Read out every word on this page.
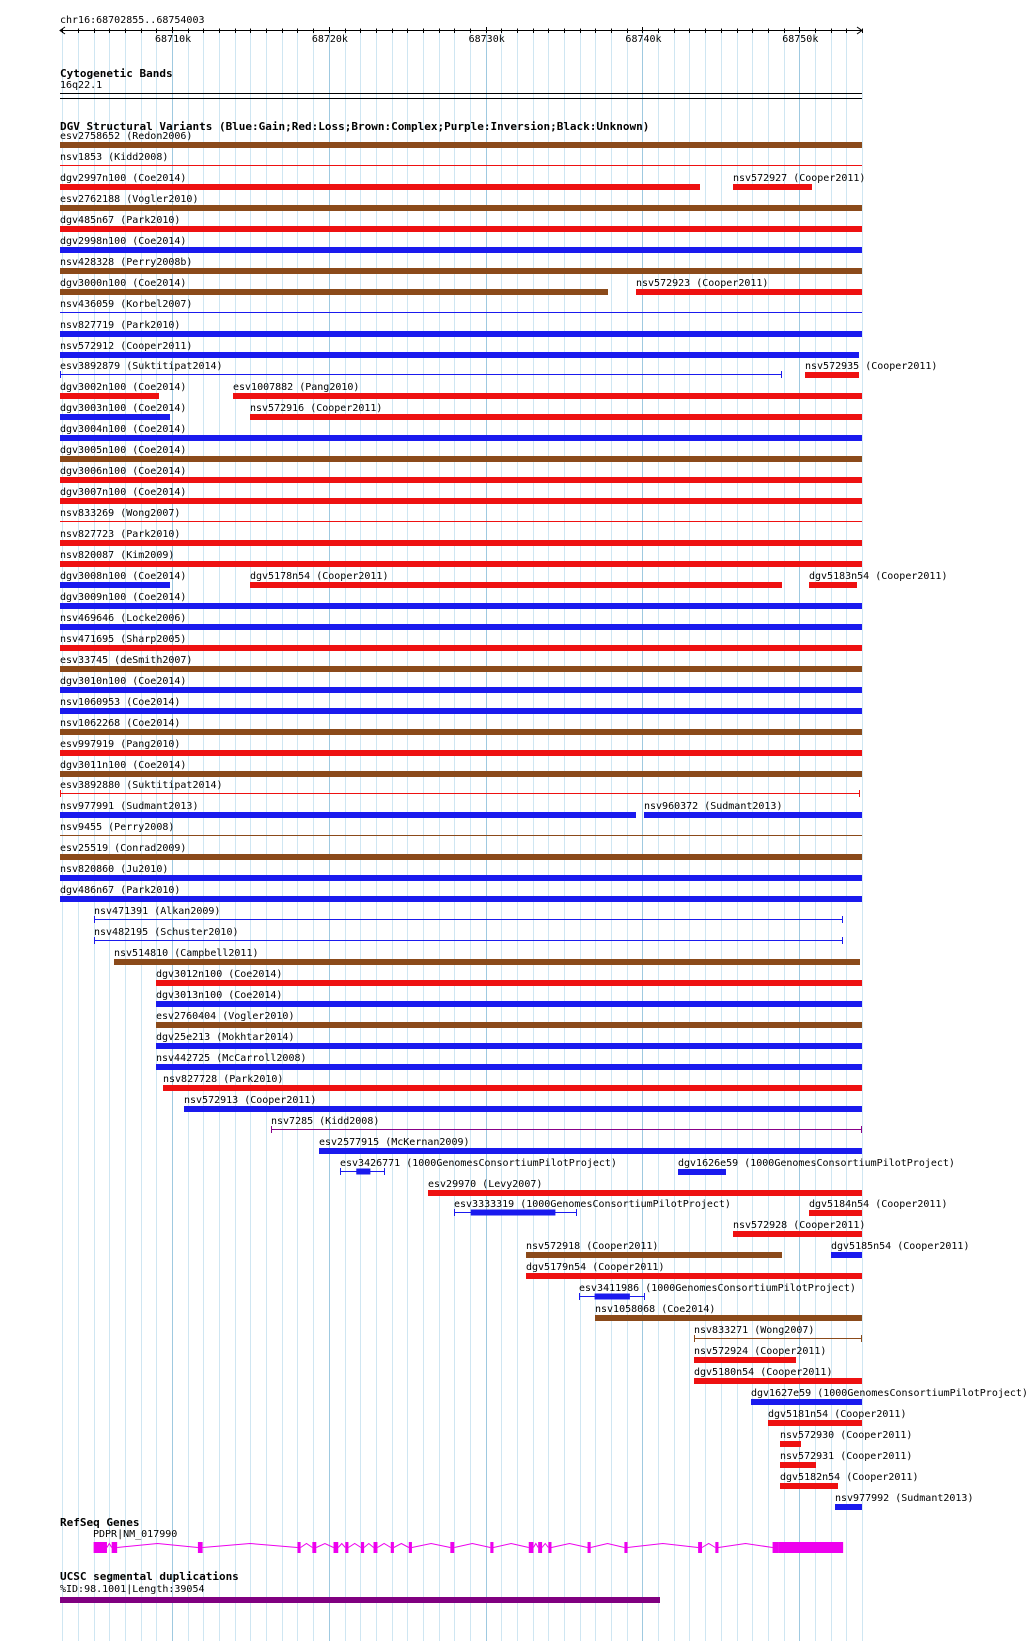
chr16:68702855..68754003
68710k	68720k	68730k	68740k	68750k
Cytogenetic Bands
16q22.1
DGV Structural Variants (Blue:Gain;Red:Loss;Brown:Complex;Purple:Inversion;Black:Unknown)
esv2758652 (Redon2006)
nsv1853 (Kidd2008)
dgv2997n100 (Coe2014)	nsv572927 (Cooper2011)
esv2762188 (Vogler2010)
dgv485n67 (Park2010)
dgv2998n100 (Coe2014)
nsv428328 (Perry2008b)
dgv3000n100 (Coe2014)	nsv572923 (Cooper2011)
nsv436059 (Korbel2007)
nsv827719 (Park2010)
nsv572912 (Cooper2011)
esv3892879 (Suktitipat2014)	nsv572935 (Cooper2011)
dgv3002n100 (Coe2014)	esv1007882 (Pang2010)
dgv3003n100 (Coe2014)	nsv572916 (Cooper2011)
dgv3004n100 (Coe2014)
dgv3005n100 (Coe2014)
dgv3006n100 (Coe2014)
dgv3007n100 (Coe2014)
nsv833269 (Wong2007)
nsv827723 (Park2010)
nsv820087 (Kim2009)
dgv3008n100 (Coe2014)	dgv5178n54 (Cooper2011)	dgv5183n54 (Cooper2011)
dgv3009n100 (Coe2014)
nsv469646 (Locke2006)
nsv471695 (Sharp2005)
esv33745 (deSmith2007)
dgv3010n100 (Coe2014)
nsv1060953 (Coe2014)
nsv1062268 (Coe2014)
esv997919 (Pang2010)
dgv3011n100 (Coe2014)
esv3892880 (Suktitipat2014)
nsv977991 (Sudmant2013)	nsv960372 (Sudmant2013)
nsv9455 (Perry2008)
esv25519 (Conrad2009)
nsv820860 (Ju2010)
dgv486n67 (Park2010)
nsv471391 (Alkan2009)
nsv482195 (Schuster2010)
nsv514810 (Campbell2011)
dgv3012n100 (Coe2014)
dgv3013n100 (Coe2014)
esv2760404 (Vogler2010)
dgv25e213 (Mokhtar2014)
nsv442725 (McCarroll2008)
nsv827728 (Park2010)
nsv572913 (Cooper2011)
nsv7285 (Kidd2008)
esv2577915 (McKernan2009)
esv3426771 (1000GenomesConsortiumPilotProject)	dgv1626e59 (1000GenomesConsortiumPilotProject)
esv29970 (Levy2007)
esv3333319 (1000GenomesConsortiumPilotProject)
nsv572928 (Cooper2011)
nsv572918 (Cooper2011)
dgv5184n54 (Cooper2011)
dgv5179n54 (Cooper2011)
esv3411986 (1000GenomesConsortiumPilotProject)
nsv1058068 (Coe2014)
nsv833271 (Wong2007)
nsv572924 (Cooper2011)
dgv5185n54 (Cooper2011)
dgv5180n54 (Cooper2011)
dgv1627e59 (1000GenomesConsortiumPilotProject)
dgv5181n54 (Cooper2011)
nsv572930 (Cooper2011)
nsv572931 (Cooper2011)
dgv5182n54 (Cooper2011)
nsv977992 (Sudmant2013)
RefSeq Genes
PDPR|NM_017990
UCSC segmental duplications
%ID:98.1001|Length:39054
